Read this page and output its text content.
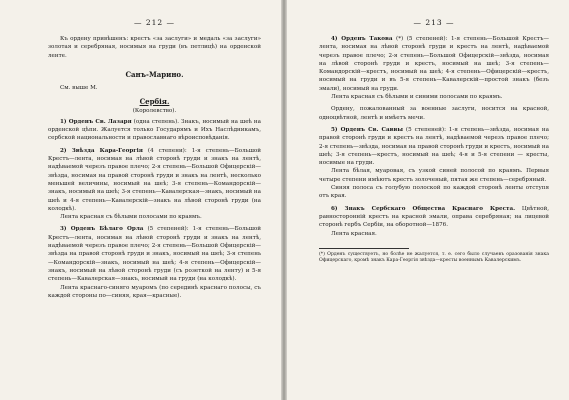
— 212 —

Къ ордену привѣшенъ: крестъ «за заслуги» и медаль «за заслуги» золотая и серебряная, носимыя на груди (въ петлицѣ) на орденской ленте.

Санъ-Марино.
См. выше М.
Сербія.
(Королевство).

1) Орденъ Св. Лазаря (одна степень). Знакъ, носимый на шеѣ на орденской цѣпи. Жалуется только Государямъ и Ихъ Наслѣдникамъ, сербской национальности и православнаго вѣроисповѣданія.

2) Звѣзда Кара-Георгія (4 степени): 1-я степень—Большой Крестъ—лента, носимая на лѣвой сторонѣ груди и знакъ на лентѣ, надѣваемой черезъ правое плечо; 2-я степень—Большой Офицерскій—звѣзда, носимая на правой сторонѣ груди и знакъ на лентѣ, несколько меньшей величины, носимый на шеѣ; 3-я степень—Командорскій—знакъ, носимый на шеѣ; 3-я степень—Кавалерская—знакъ, носимый на шеѣ и 4-я степень—Кавалерскій—знакъ на лѣвой сторонѣ груди (на колодкѣ).

Лента красная съ бѣлыми полосами по краямъ.

3) Орденъ Бѣлаго Орла (5 степеней): 1-я степень—Большой Крестъ—лента, носимая на лѣвой сторонѣ груди и знакъ на лентѣ, надѣваемой черезъ правое плечо; 2-я степень—Большой Офицерскій—звѣзда на правой сторонѣ груди и знакъ, носимый на шеѣ; 3-я степень—Командорскій—знакъ, носимый на шеѣ; 4-я степень—Офицерскій—знакъ, носимый на лѣвой сторонѣ груди (съ розеткой на ленту) и 5-я степень—Кавалерская—знакъ, носимый на груди (на колодкѣ).

Лента краснаго-синяго муаромъ (по серединѣ краснаго полосы, съ каждой стороны по—синяя, края—красные).

— 213 —

4) Орденъ Такова (*) (5 степеней): 1-я степень—Большой Крестъ—лента, носимая на лѣвой сторонѣ груди и крестъ на лентѣ, надѣваемой черезъ правое плечо; 2-я степень—Большой Офицерскій—звѣзда, носимая на лѣвой сторонѣ груди и крестъ, носимый на шеѣ; 3-я степень—Командорскій—крестъ, носимый на шеѣ; 4-я степень—Офицерскій—крестъ, носимый на груди и въ 5-я степень—Кавалерскій—простой знакъ (безъ эмали), носимый на груди.

Лента красная съ бѣлыми и синими полосами по краямъ.

Ордену, пожалованный за военные заслуги, носится на красной, одноцвѣтной, лентѣ и имѣетъ мечи.

5) Орденъ Св. Саввы (5 степеней): 1-я степень—звѣзда, носимая на правой сторонѣ груди и крестъ на лентѣ, надѣваемой черезъ правое плечо; 2-я степень—звѣзда, носимая на правой сторонѣ груди и крестъ, носимый на шеѣ; 3-я степень—крестъ, носимый на шеѣ; 4-я и 5-я степени — кресты, носимые на груди.

Лента бѣлая, муаровая, съ узкой синей полосой по краямъ. Первыя четыре степени имѣютъ крестъ золоченый, пятая же степень—серебряный.

Синяя полоса съ голубую полоской по каждой сторонѣ ленты отступя отъ края.

6) Знакъ Сербскаго Общества Краснаго Креста. Цвѣтной, равносторонній крестъ на красной эмали, оправа серебряная; на лицевой сторонѣ гербъ Сербіи, на оборотной—1876.

Лента красная.

(*) Орденъ существуетъ, но болѣе не жалуется, т. е. сего было случаевъ оразованія знака Офицерскаго, кромѣ знакъ Кара-Георгія звѣзда—кресты военнымъ Кавалерскимъ.
